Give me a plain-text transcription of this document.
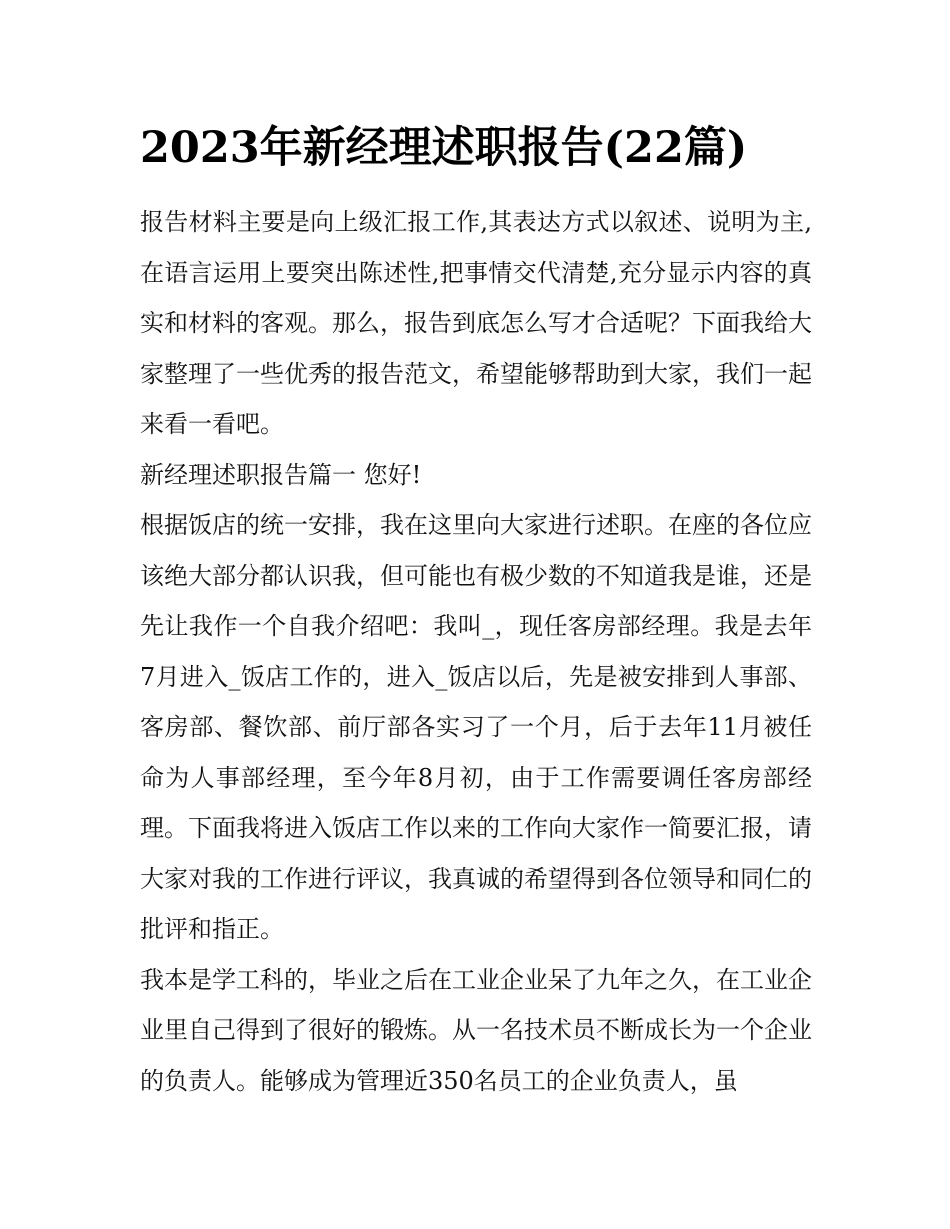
2023年新经理述职报告(22篇)

报告材料主要是向上级汇报工作,其表达方式以叙述、说明为主,在语言运用上要突出陈述性,把事情交代清楚,充分显示内容的真实和材料的客观。那么，报告到底怎么写才合适呢？下面我给大家整理了一些优秀的报告范文，希望能够帮助到大家，我们一起来看一看吧。

新经理述职报告篇一 您好!

根据饭店的统一安排，我在这里向大家进行述职。在座的各位应该绝大部分都认识我，但可能也有极少数的不知道我是谁，还是先让我作一个自我介绍吧：我叫_，现任客房部经理。我是去年7月进入_饭店工作的，进入_饭店以后，先是被安排到人事部、客房部、餐饮部、前厅部各实习了一个月，后于去年11月被任命为人事部经理，至今年8月初，由于工作需要调任客房部经理。下面我将进入饭店工作以来的工作向大家作一简要汇报，请大家对我的工作进行评议，我真诚的希望得到各位领导和同仁的批评和指正。

我本是学工科的，毕业之后在工业企业呆了九年之久，在工业企业里自己得到了很好的锻炼。从一名技术员不断成长为一个企业的负责人。能够成为管理近350名员工的企业负责人，虽
